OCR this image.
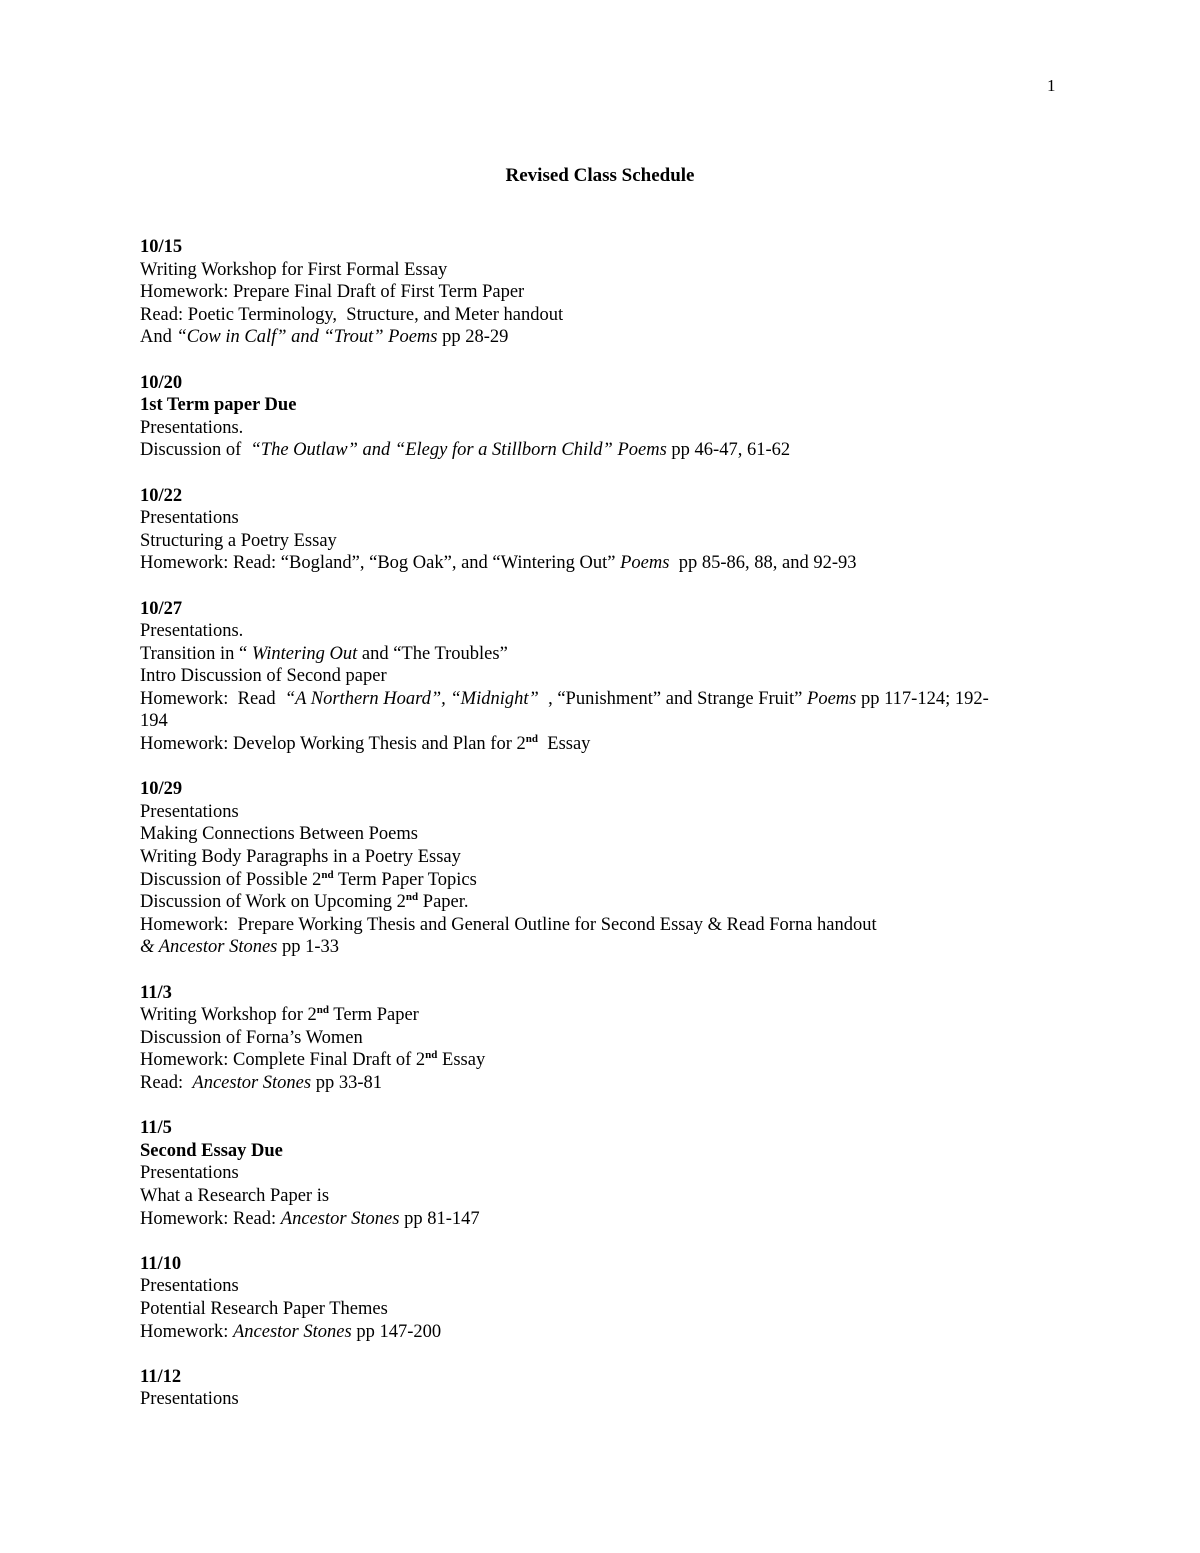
1
Revised Class Schedule
10/15
Writing Workshop for First Formal Essay
Homework: Prepare Final Draft of First Term Paper
Read: Poetic Terminology,  Structure, and Meter handout
And “Cow in Calf” and “Trout” Poems pp 28-29
10/20
1st Term paper Due
Presentations.
Discussion of  “The Outlaw” and “Elegy for a Stillborn Child” Poems pp 46-47, 61-62
10/22
Presentations
Structuring a Poetry Essay
Homework: Read: “Bogland”, “Bog Oak”, and “Wintering Out” Poems  pp 85-86, 88, and 92-93
10/27
Presentations.
Transition in “ Wintering Out and “The Troubles”
Intro Discussion of Second paper
Homework:  Read  “A Northern Hoard”, “Midnight”  , “Punishment” and Strange Fruit” Poems pp 117-124; 192-
194
Homework: Develop Working Thesis and Plan for 2nd  Essay
10/29
Presentations
Making Connections Between Poems
Writing Body Paragraphs in a Poetry Essay
Discussion of Possible 2nd Term Paper Topics
Discussion of Work on Upcoming 2nd Paper.
Homework:  Prepare Working Thesis and General Outline for Second Essay & Read Forna handout
& Ancestor Stones pp 1-33
11/3
Writing Workshop for 2nd Term Paper
Discussion of Forna’s Women
Homework: Complete Final Draft of 2nd Essay
Read:  Ancestor Stones pp 33-81
11/5
Second Essay Due
Presentations
What a Research Paper is
Homework: Read: Ancestor Stones pp 81-147
11/10
Presentations
Potential Research Paper Themes
Homework: Ancestor Stones pp 147-200
11/12
Presentations
